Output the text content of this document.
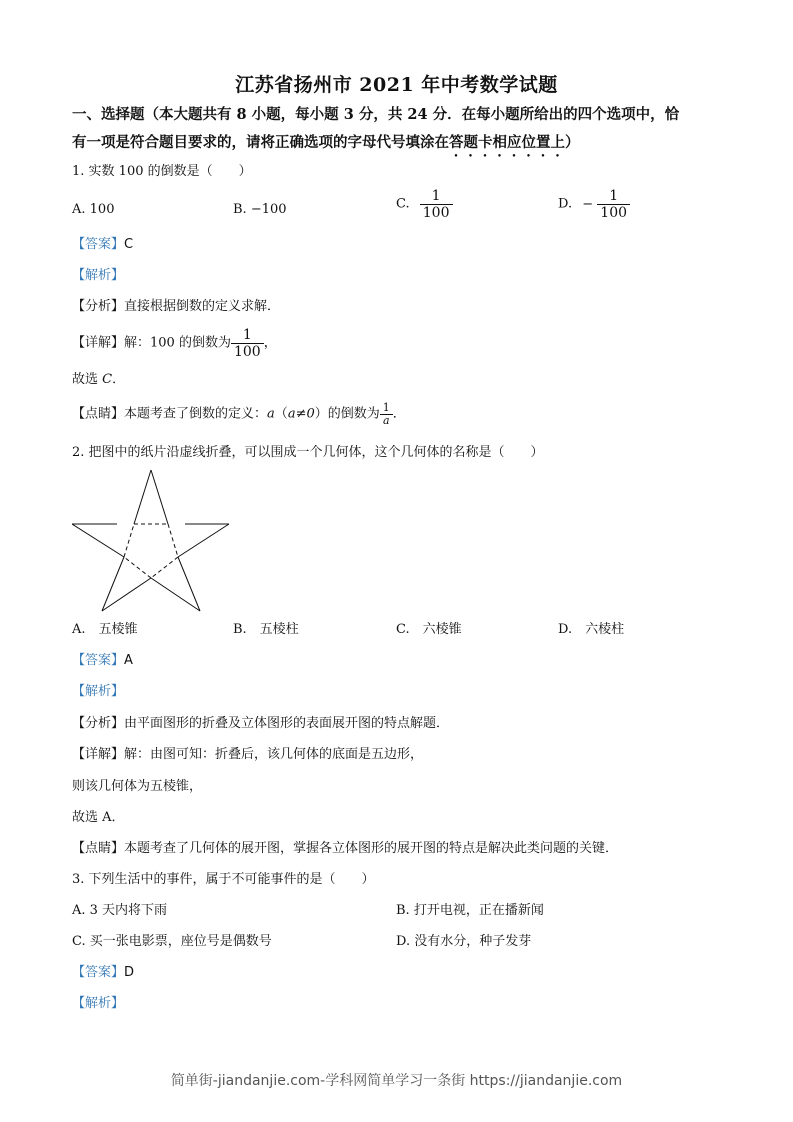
江苏省扬州市 2021 年中考数学试题
一、选择题（本大题共有 8 小题，每小题 3 分，共 24 分．在每小题所给出的四个选项中，恰
有一项是符合题目要求的，请将正确选项的字母代号填涂在答题卡相应位置上）
1. 实数 100 的倒数是（　　）
A. 100	B. −100	C. $\frac{1}{100}$	D. − $\frac{1}{100}$
【答案】C
【解析】
【分析】直接根据倒数的定义求解．
【详解】解：100 的倒数为 $\frac{1}{100}$ ，
故选 C．
【点睛】本题考查了倒数的定义：a（a≠0）的倒数为 $\frac{1}{a}$ ．
2. 把图中的纸片沿虚线折叠，可以围成一个几何体，这个几何体的名称是（　　）
A.　五棱锥	B.　五棱柱	C.　六棱锥	D.　六棱柱
【答案】A
【解析】
【分析】由平面图形的折叠及立体图形的表面展开图的特点解题．
【详解】解：由图可知：折叠后，该几何体的底面是五边形，
则该几何体为五棱锥，
故选 A．
【点睛】本题考查了几何体的展开图，掌握各立体图形的展开图的特点是解决此类问题的关键．
3. 下列生活中的事件，属于不可能事件的是（　　）
A. 3 天内将下雨	B. 打开电视，正在播新闻
C. 买一张电影票，座位号是偶数号	D. 没有水分，种子发芽
【答案】D
【解析】
简单街-jiandanjie.com-学科网简单学习一条街 https://jiandanjie.com
